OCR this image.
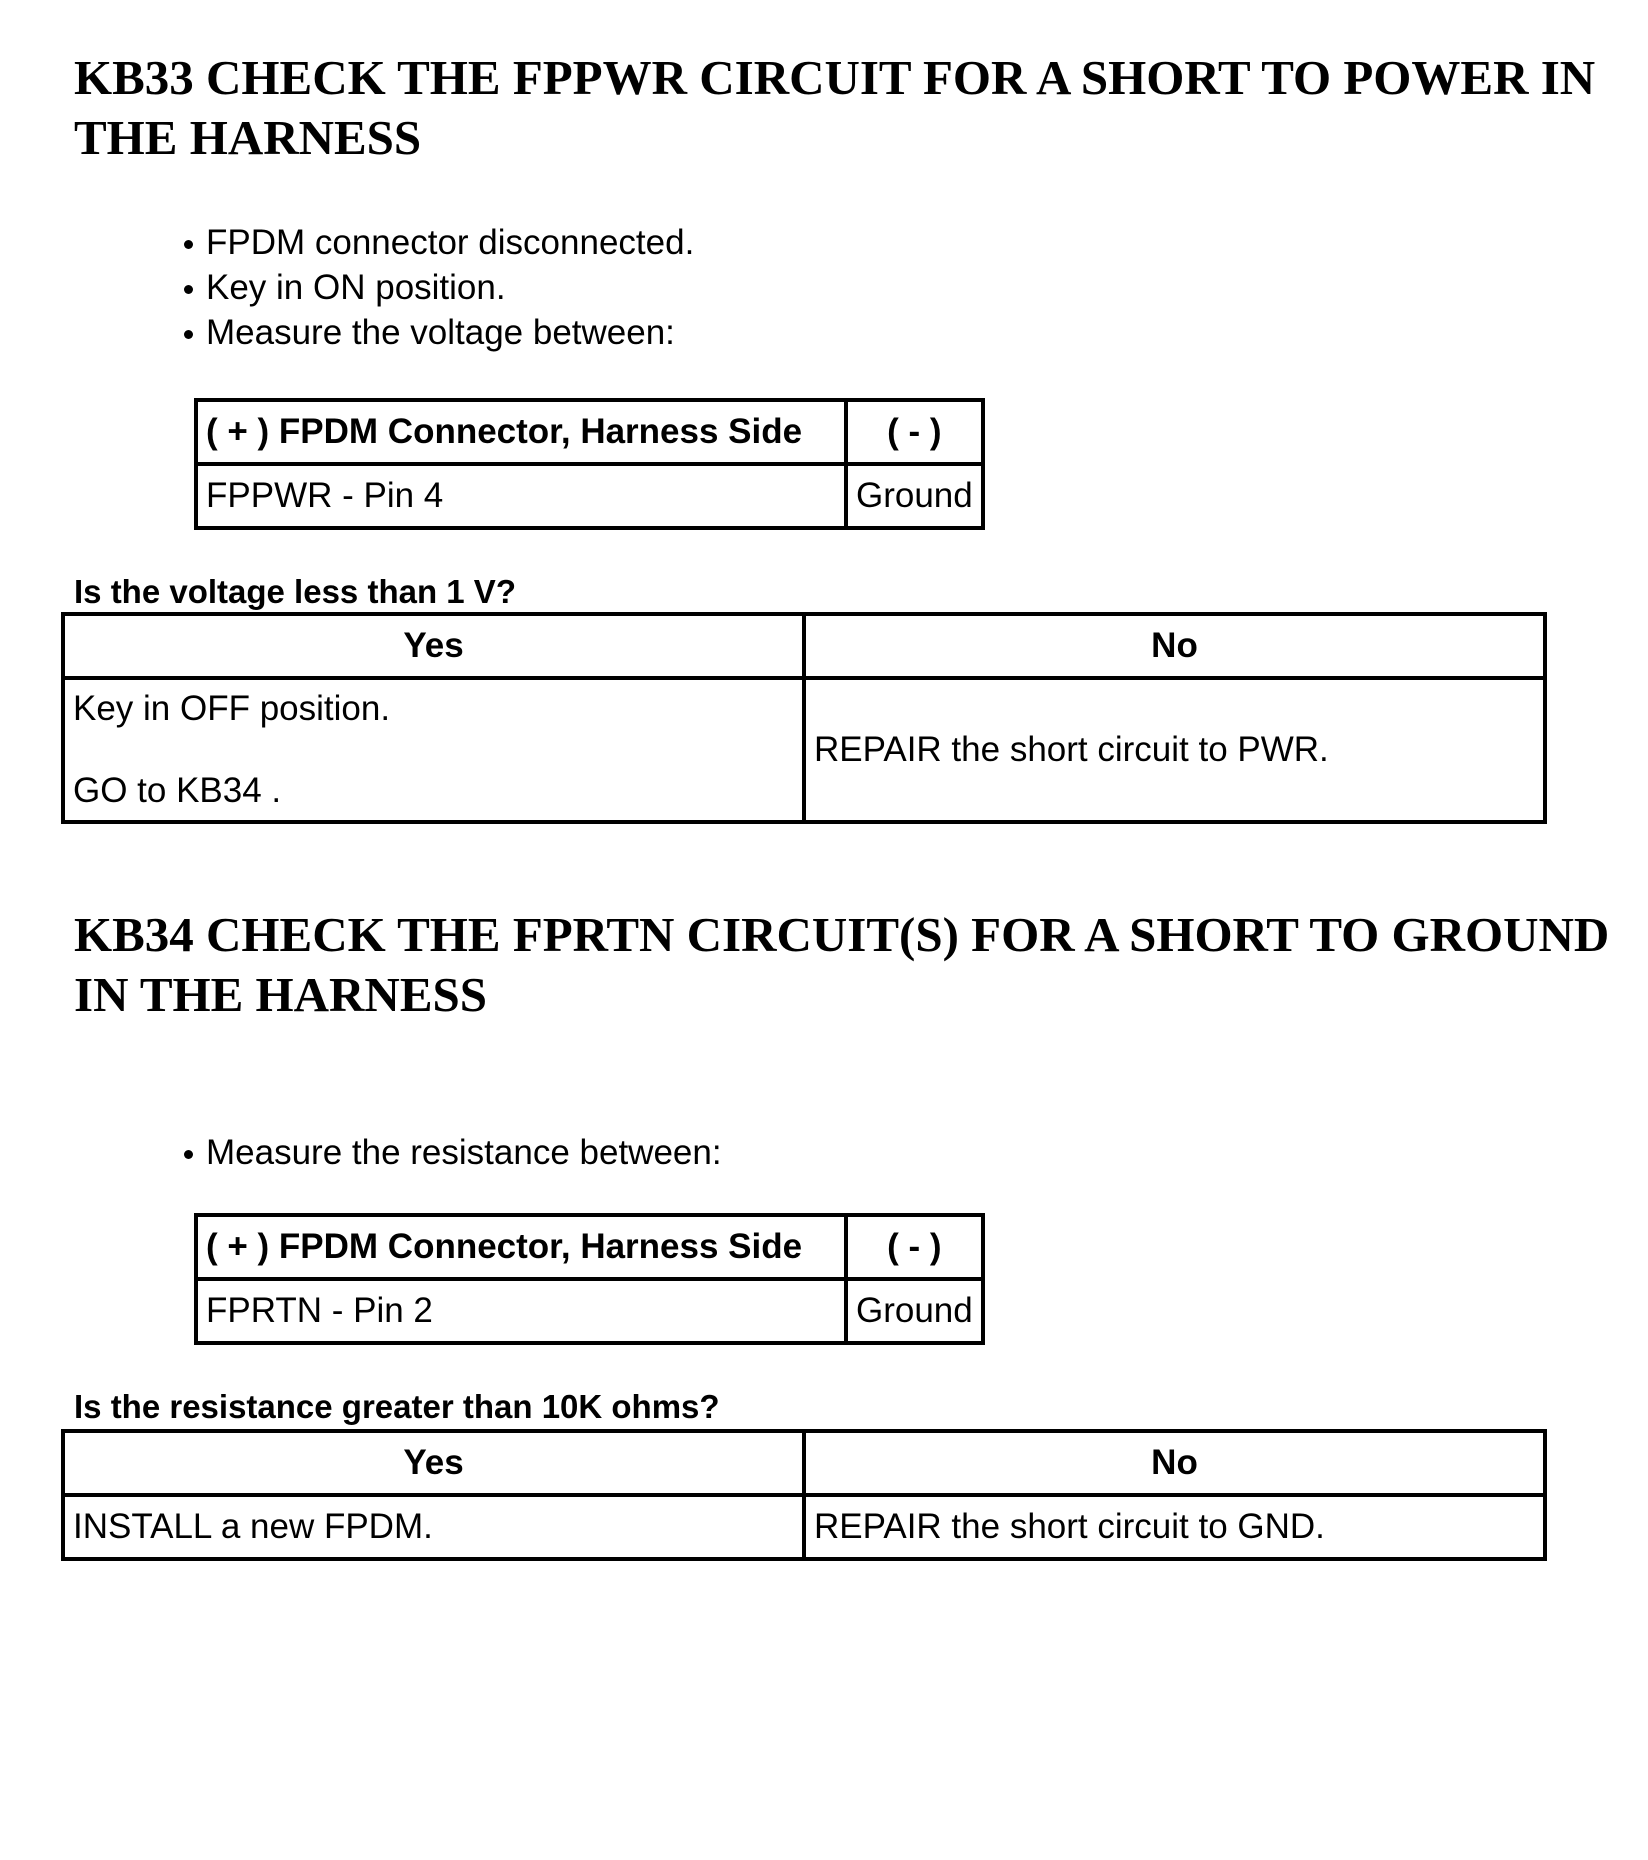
KB33 CHECK THE FPPWR CIRCUIT FOR A SHORT TO POWER IN THE HARNESS
FPDM connector disconnected.
Key in ON position.
Measure the voltage between:
( + ) FPDM Connector, Harness Side	( - )
FPPWR - Pin 4	Ground

Is the voltage less than 1 V?

Yes	No

Key in OFF position.
GO to KB34 .	REPAIR the short circuit to PWR.
KB34 CHECK THE FPRTN CIRCUIT(S) FOR A SHORT TO GROUND IN THE HARNESS
Measure the resistance between:
( + ) FPDM Connector, Harness Side	( - )
FPRTN - Pin 2	Ground

Is the resistance greater than 10K ohms?

Yes	No
INSTALL a new FPDM.	REPAIR the short circuit to GND.
